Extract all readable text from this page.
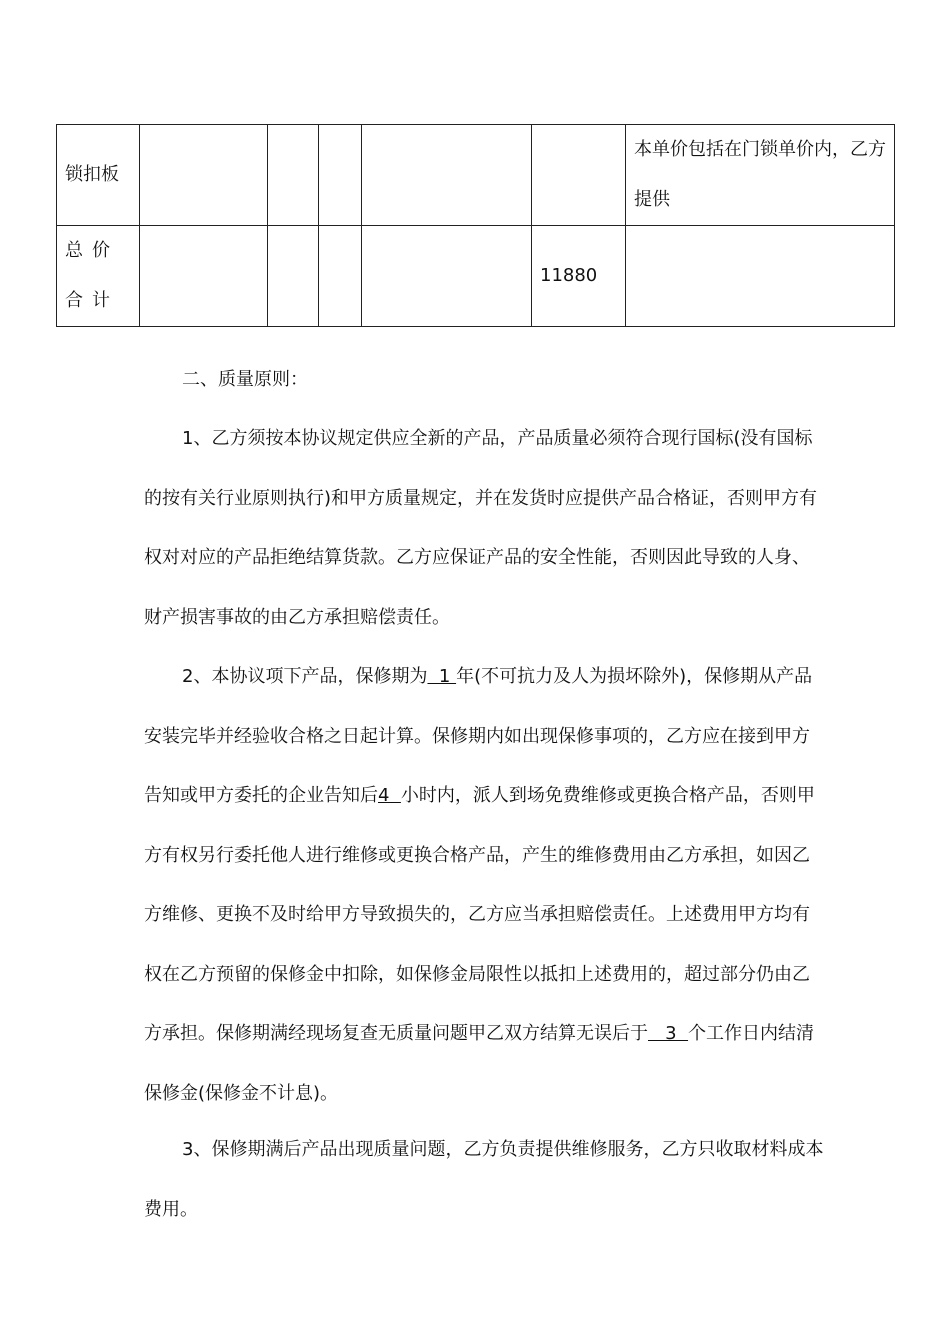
锁扣板						本单价包括在门锁单价内，乙方提供
总价合计					11880	

二、质量原则：

1、乙方须按本协议规定供应全新的产品，产品质量必须符合现行国标(没有国标的按有关行业原则执行)和甲方质量规定，并在发货时应提供产品合格证，否则甲方有权对对应的产品拒绝结算货款。乙方应保证产品的安全性能，否则因此导致的人身、财产损害事故的由乙方承担赔偿责任。

2、本协议项下产品，保修期为  1 年(不可抗力及人为损坏除外)，保修期从产品安装完毕并经验收合格之日起计算。保修期内如出现保修事项的，乙方应在接到甲方告知或甲方委托的企业告知后4  小时内，派人到场免费维修或更换合格产品，否则甲方有权另行委托他人进行维修或更换合格产品，产生的维修费用由乙方承担，如因乙方维修、更换不及时给甲方导致损失的，乙方应当承担赔偿责任。上述费用甲方均有权在乙方预留的保修金中扣除，如保修金局限性以抵扣上述费用的，超过部分仍由乙方承担。保修期满经现场复查无质量问题甲乙双方结算无误后于   3  个工作日内结清保修金(保修金不计息)。

3、保修期满后产品出现质量问题，乙方负责提供维修服务，乙方只收取材料成本费用。
